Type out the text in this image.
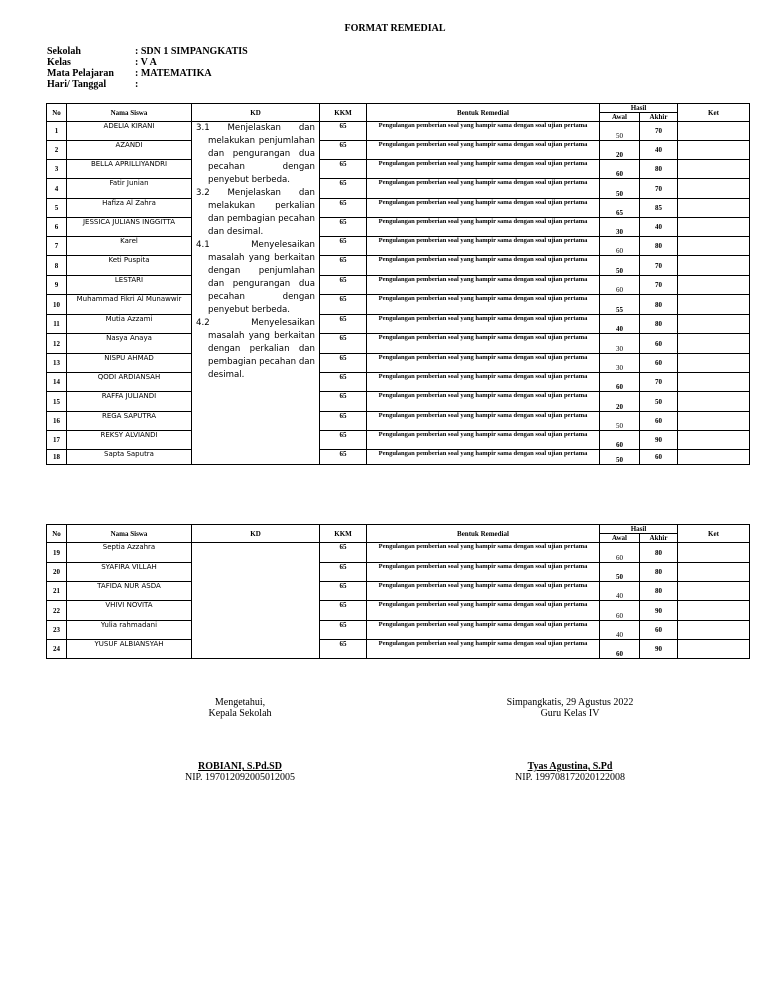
FORMAT REMEDIAL
Sekolah	: SDN 1 SIMPANGKATIS
Kelas	: V A
Mata Pelajaran : MATEMATIKA
Hari/ Tanggal	:
No	Nama Siswa	KD	KKM	Bentuk Remedial	Hasil		Ket
					Awal	Akhir	
1	ADELIA KIRANI	3.1 Menjelaskan dan melakukan penjumlahan dan pengurangan dua pecahan dengan penyebut berbeda.
3.2 Menjelaskan dan melakukan perkalian dan pembagian pecahan dan desimal.
4.1 Menyelesaikan masalah yang berkaitan dengan penjumlahan dan pengurangan dua pecahan dengan penyebut berbeda.
4.2 Menyelesaikan masalah yang berkaitan dengan perkalian dan pembagian pecahan dan desimal.	65	Pengulangan pemberian soal yang hampir sama dengan soal ujian pertama	50	70	
2	AZANDI		65	Pengulangan pemberian soal yang hampir sama dengan soal ujian pertama	20	40	
3	BELLA APRILLIYANDRI		65	Pengulangan pemberian soal yang hampir sama dengan soal ujian pertama	60	80	
4	Fatir Junian		65	Pengulangan pemberian soal yang hampir sama dengan soal ujian pertama	50	70	
5	Hafiza Al Zahra		65	Pengulangan pemberian soal yang hampir sama dengan soal ujian pertama	65	85	
6	JESSICA JULIANS INGGITTA		65	Pengulangan pemberian soal yang hampir sama dengan soal ujian pertama	30	40	
7	Karel		65	Pengulangan pemberian soal yang hampir sama dengan soal ujian pertama	60	80	
8	Keti Puspita		65	Pengulangan pemberian soal yang hampir sama dengan soal ujian pertama	50	70	
9	LESTARI		65	Pengulangan pemberian soal yang hampir sama dengan soal ujian pertama	60	70	
10	Muhammad Fikri Al Munawwir		65	Pengulangan pemberian soal yang hampir sama dengan soal ujian pertama	55	80	
11	Mutia Azzami		65	Pengulangan pemberian soal yang hampir sama dengan soal ujian pertama	40	80	
12	Nasya Anaya		65	Pengulangan pemberian soal yang hampir sama dengan soal ujian pertama	30	60	
13	NISPU AHMAD		65	Pengulangan pemberian soal yang hampir sama dengan soal ujian pertama	30	60	
14	QODI ARDIANSAH		65	Pengulangan pemberian soal yang hampir sama dengan soal ujian pertama	60	70	
15	RAFFA JULIANDI		65	Pengulangan pemberian soal yang hampir sama dengan soal ujian pertama	20	50	
16	REGA SAPUTRA		65	Pengulangan pemberian soal yang hampir sama dengan soal ujian pertama	50	60	
17	REKSY ALVIANDI		65	Pengulangan pemberian soal yang hampir sama dengan soal ujian pertama	60	90	
18	Sapta Saputra		65	Pengulangan pemberian soal yang hampir sama dengan soal ujian pertama	50	60	
No	Nama Siswa	KD	KKM	Bentuk Remedial	Hasil		Ket
					Awal	Akhir	
19	Septia Azzahra		65	Pengulangan pemberian soal yang hampir sama dengan soal ujian pertama	60	80	
20	SYAFIRA VILLAH		65	Pengulangan pemberian soal yang hampir sama dengan soal ujian pertama	50	80	
21	TAFIDA NUR ASDA		65	Pengulangan pemberian soal yang hampir sama dengan soal ujian pertama	40	80	
22	VHIVI NOVITA		65	Pengulangan pemberian soal yang hampir sama dengan soal ujian pertama	60	90	
23	Yulia rahmadani		65	Pengulangan pemberian soal yang hampir sama dengan soal ujian pertama	40	60	
24	YUSUF ALBIANSYAH		65	Pengulangan pemberian soal yang hampir sama dengan soal ujian pertama	60	90	
Mengetahui,
Kepala Sekolah
ROBIANI, S.Pd.SD
NIP. 197012092005012005
Simpangkatis, 29 Agustus 2022
Guru Kelas IV
Tyas Agustina, S.Pd
NIP. 199708172020122008
